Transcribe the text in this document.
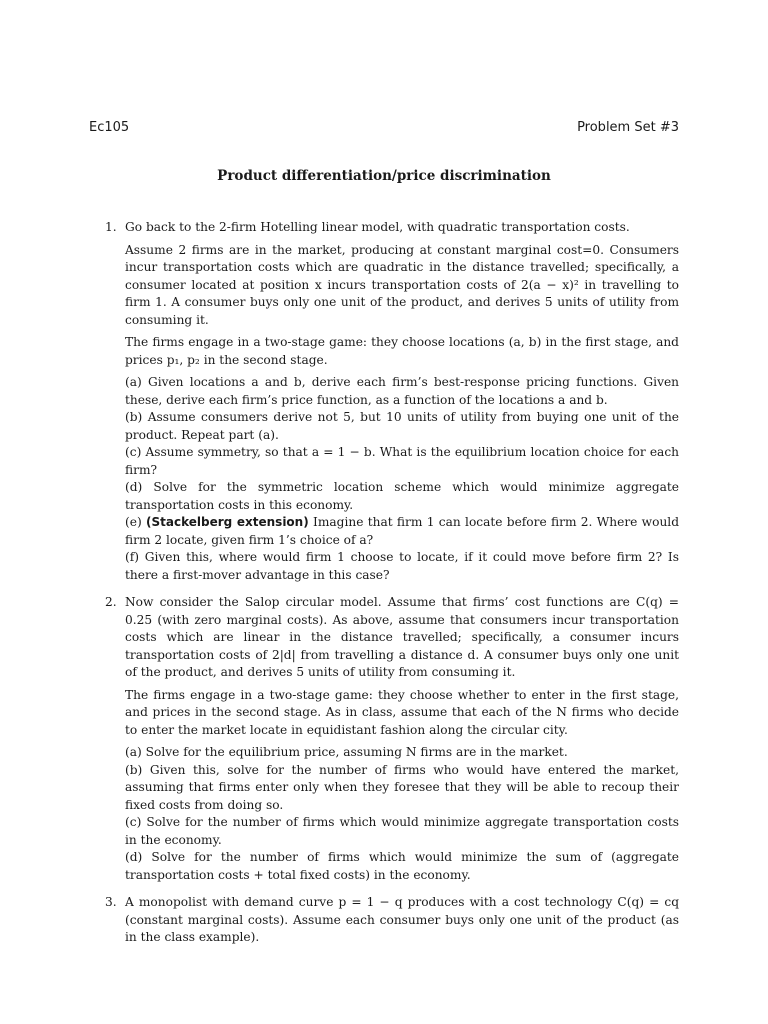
Ec105	Problem Set #3
Product differentiation/price discrimination
1. Go back to the 2-firm Hotelling linear model, with quadratic transportation costs.

Assume 2 firms are in the market, producing at constant marginal cost=0. Consumers incur transportation costs which are quadratic in the distance travelled; specifically, a consumer located at position x incurs transportation costs of 2(a − x)² in travelling to firm 1. A consumer buys only one unit of the product, and derives 5 units of utility from consuming it.

The firms engage in a two-stage game: they choose locations (a, b) in the first stage, and prices p₁, p₂ in the second stage.

(a) Given locations a and b, derive each firm’s best-response pricing functions. Given these, derive each firm’s price function, as a function of the locations a and b.

(b) Assume consumers derive not 5, but 10 units of utility from buying one unit of the product. Repeat part (a).

(c) Assume symmetry, so that a = 1 − b. What is the equilibrium location choice for each firm?

(d) Solve for the symmetric location scheme which would minimize aggregate transportation costs in this economy.

(e) (Stackelberg extension) Imagine that firm 1 can locate before firm 2. Where would firm 2 locate, given firm 1’s choice of a?

(f) Given this, where would firm 1 choose to locate, if it could move before firm 2? Is there a first-mover advantage in this case?

2. Now consider the Salop circular model. Assume that firms’ cost functions are C(q) = 0.25 (with zero marginal costs). As above, assume that consumers incur transportation costs which are linear in the distance travelled; specifically, a consumer incurs transportation costs of 2|d| from travelling a distance d. A consumer buys only one unit of the product, and derives 5 units of utility from consuming it.

The firms engage in a two-stage game: they choose whether to enter in the first stage, and prices in the second stage. As in class, assume that each of the N firms who decide to enter the market locate in equidistant fashion along the circular city.

(a) Solve for the equilibrium price, assuming N firms are in the market.

(b) Given this, solve for the number of firms who would have entered the market, assuming that firms enter only when they foresee that they will be able to recoup their fixed costs from doing so.

(c) Solve for the number of firms which would minimize aggregate transportation costs in the economy.

(d) Solve for the number of firms which would minimize the sum of (aggregate transportation costs + total fixed costs) in the economy.

3. A monopolist with demand curve p = 1 − q produces with a cost technology C(q) = cq (constant marginal costs). Assume each consumer buys only one unit of the product (as in the class example).
